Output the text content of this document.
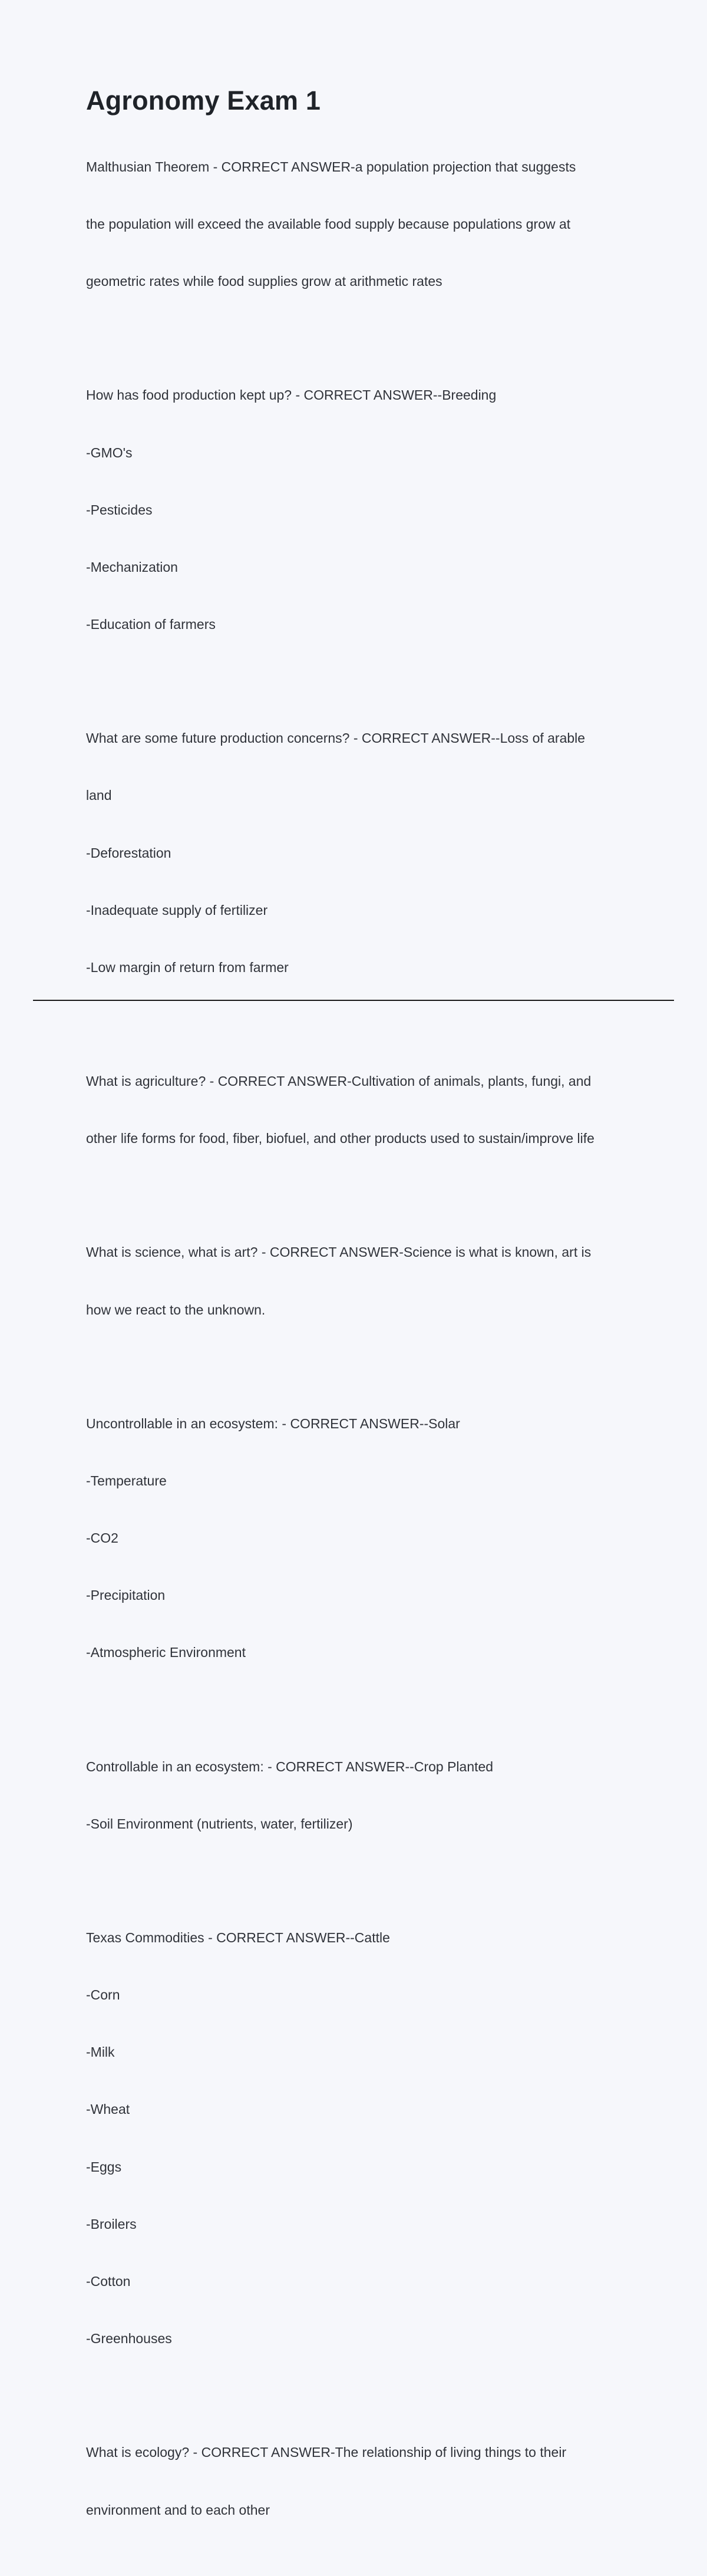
Agronomy Exam 1

Malthusian Theorem - CORRECT ANSWER-a population projection that suggests

the population will exceed the available food supply because populations grow at

geometric rates while food supplies grow at arithmetic rates

How has food production kept up? - CORRECT ANSWER--Breeding

-GMO's

-Pesticides

-Mechanization

-Education of farmers

What are some future production concerns? - CORRECT ANSWER--Loss of arable

land

-Deforestation

-Inadequate supply of fertilizer

-Low margin of return from farmer

What is agriculture? - CORRECT ANSWER-Cultivation of animals, plants, fungi, and

other life forms for food, fiber, biofuel, and other products used to sustain/improve life

What is science, what is art? - CORRECT ANSWER-Science is what is known, art is

how we react to the unknown.

Uncontrollable in an ecosystem: - CORRECT ANSWER--Solar

-Temperature

-CO2

-Precipitation

-Atmospheric Environment

Controllable in an ecosystem: - CORRECT ANSWER--Crop Planted

-Soil Environment (nutrients, water, fertilizer)

Texas Commodities - CORRECT ANSWER--Cattle

-Corn

-Milk

-Wheat

-Eggs

-Broilers

-Cotton

-Greenhouses

What is ecology? - CORRECT ANSWER-The relationship of living things to their

environment and to each other
